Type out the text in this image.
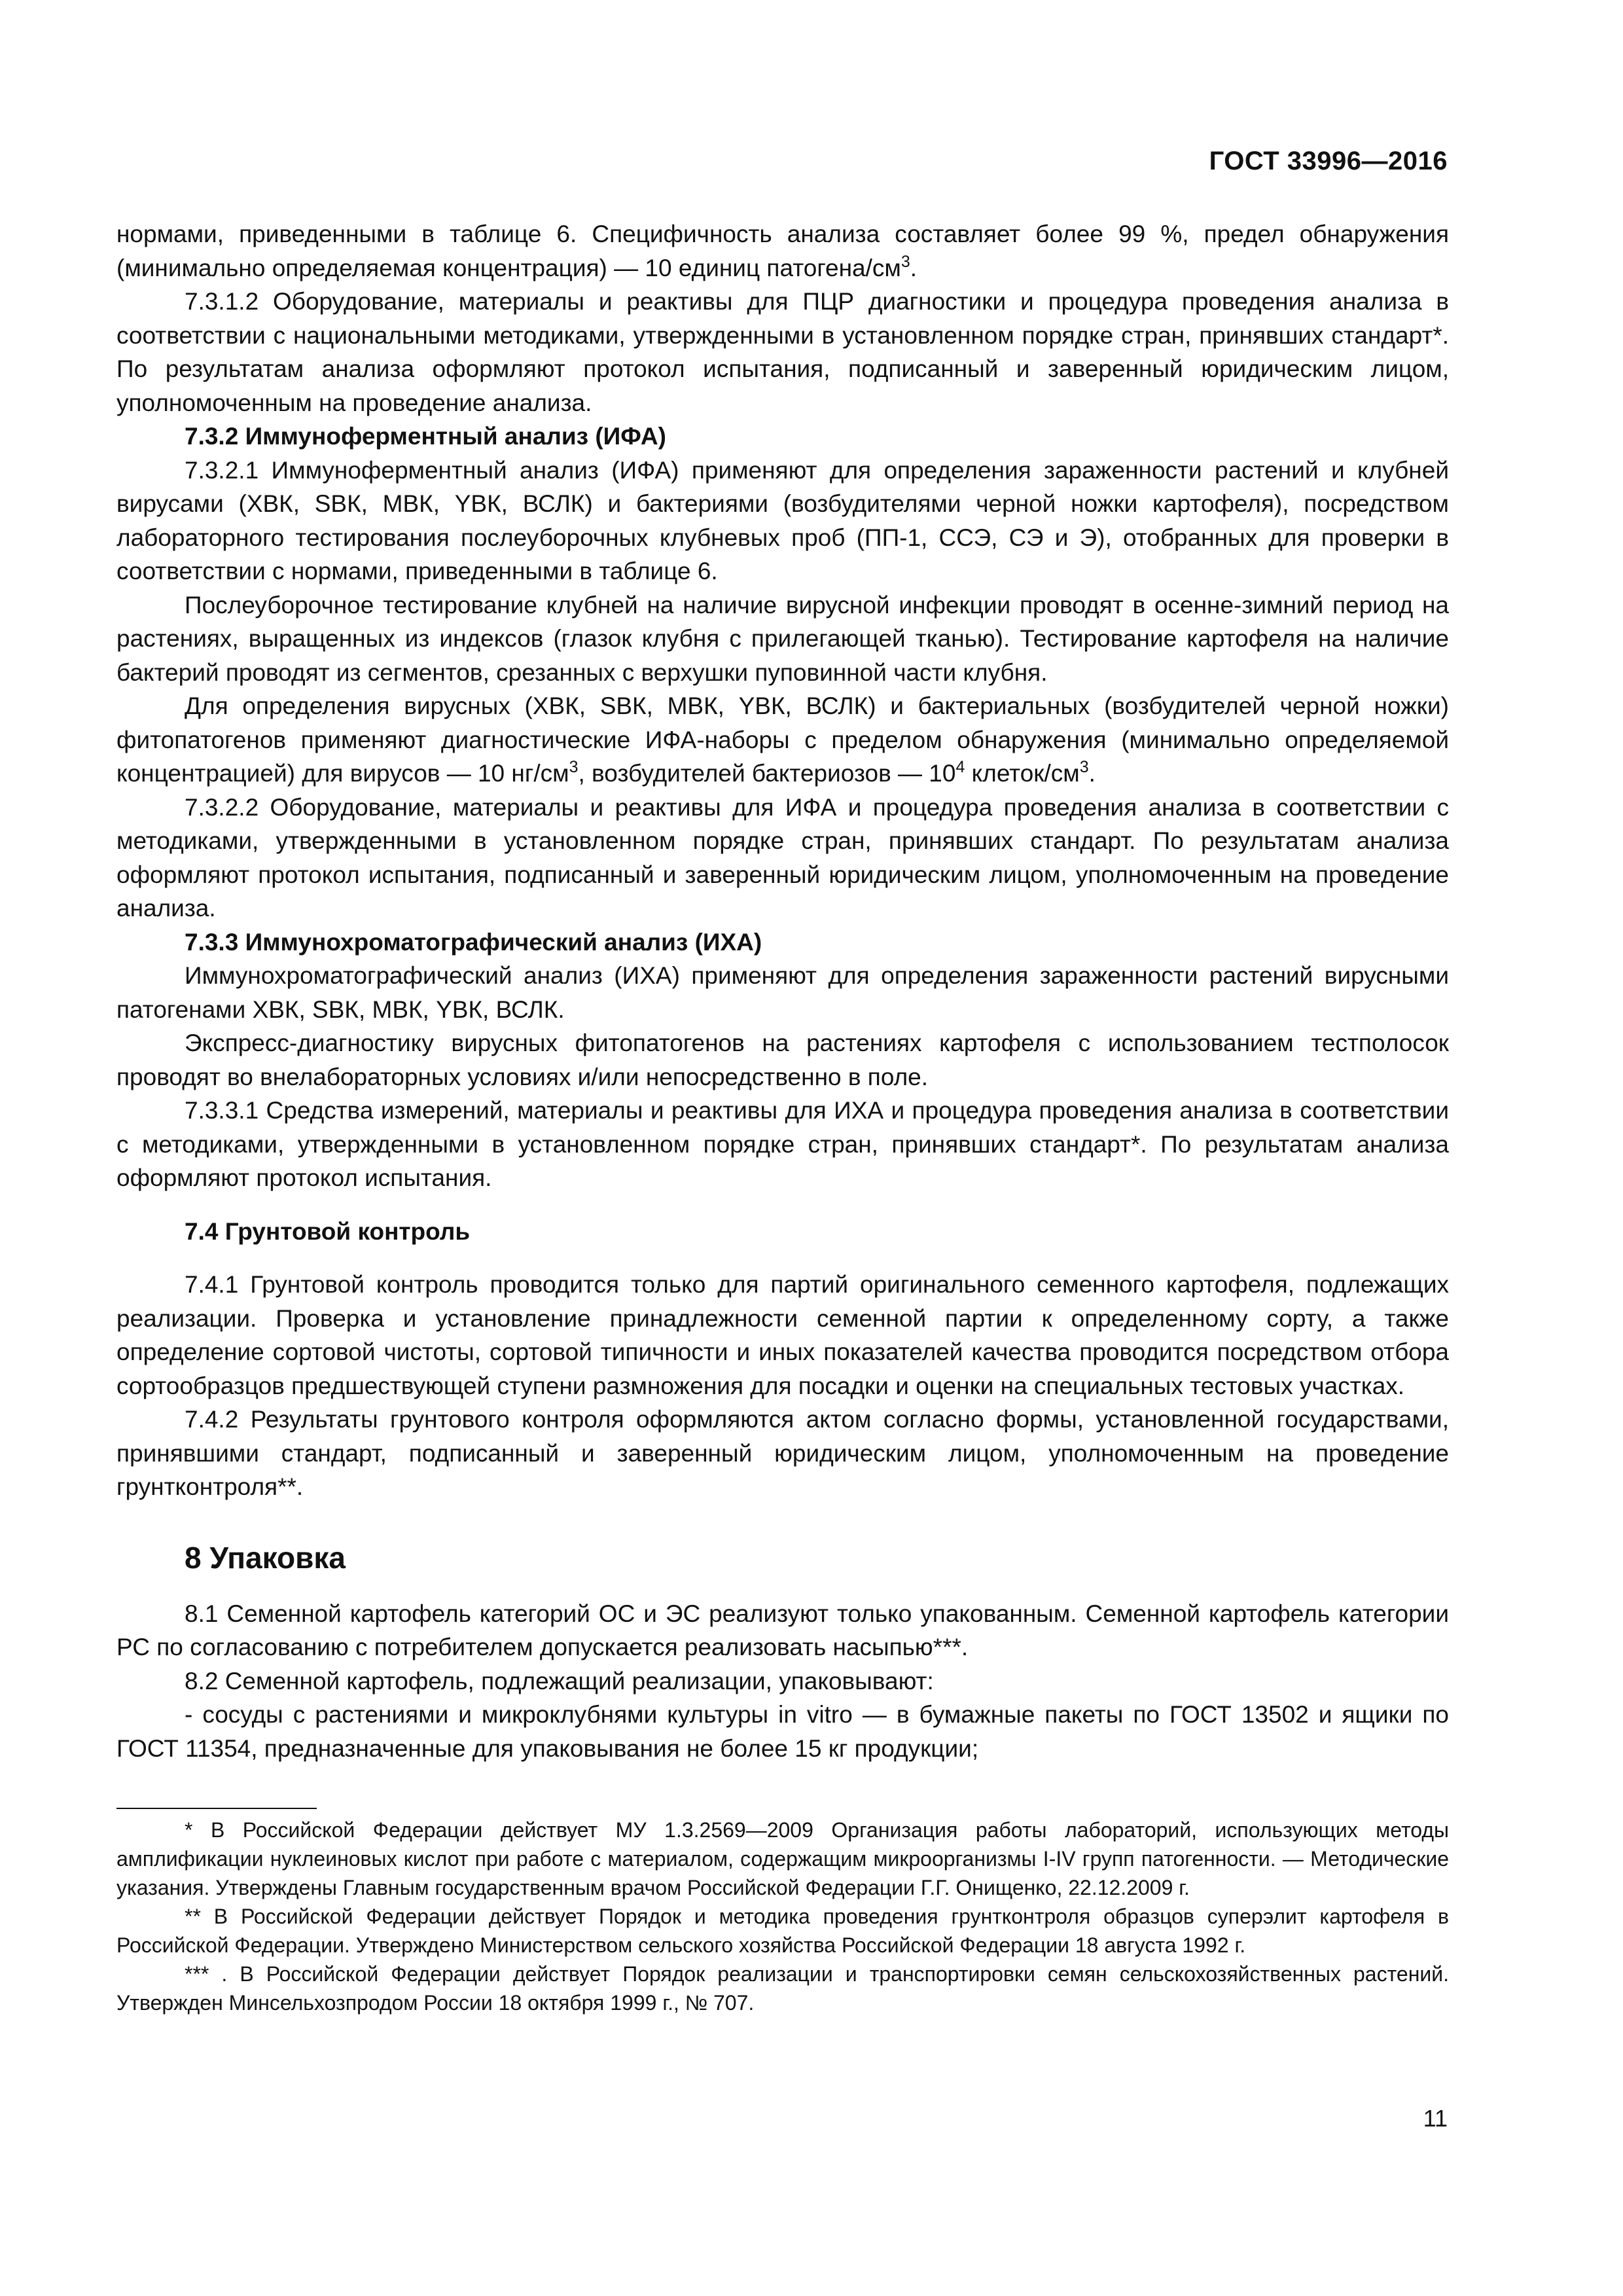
ГОСТ 33996—2016

нормами, приведенными в таблице 6. Специфичность анализа составляет более 99 %, предел обнаружения (минимально определяемая концентрация) — 10 единиц патогена/$см^3$.

7.3.1.2 Оборудование, материалы и реактивы для ПЦР диагностики и процедура проведения анализа в соответствии с национальными методиками, утвержденными в установленном порядке стран, принявших стандарт*. По результатам анализа оформляют протокол испытания, подписанный и заверенный юридическим лицом, уполномоченным на проведение анализа.

7.3.2 Иммуноферментный анализ (ИФА)

7.3.2.1 Иммуноферментный анализ (ИФА) применяют для определения зараженности растений и клубней вирусами (ХВК, SВК, МВК, YВК, ВСЛК) и бактериями (возбудителями черной ножки картофеля), посредством лабораторного тестирования послеуборочных клубневых проб (ПП-1, ССЭ, СЭ и Э), отобранных для проверки в соответствии с нормами, приведенными в таблице 6.

Послеуборочное тестирование клубней на наличие вирусной инфекции проводят в осенне-зимний период на растениях, выращенных из индексов (глазок клубня с прилегающей тканью). Тестирование картофеля на наличие бактерий проводят из сегментов, срезанных с верхушки пуповинной части клубня.

Для определения вирусных (ХВК, SВК, МВК, YВК, ВСЛК) и бактериальных (возбудителей черной ножки) фитопатогенов применяют диагностические ИФА-наборы с пределом обнаружения (минимально определяемой концентрацией) для вирусов — 10 $нг/см^3$, возбудителей бактериозов — $10^4$ клеток/$см^3$.

7.3.2.2 Оборудование, материалы и реактивы для ИФА и процедура проведения анализа в соответствии с методиками, утвержденными в установленном порядке стран, принявших стандарт. По результатам анализа оформляют протокол испытания, подписанный и заверенный юридическим лицом, уполномоченным на проведение анализа.

7.3.3 Иммунохроматографический анализ (ИХА)

Иммунохроматографический анализ (ИХА) применяют для определения зараженности растений вирусными патогенами ХВК, SВК, МВК, YВК, ВСЛК.

Экспресс-диагностику вирусных фитопатогенов на растениях картофеля с использованием тестполосок проводят во внелабораторных условиях и/или непосредственно в поле.

7.3.3.1 Средства измерений, материалы и реактивы для ИХА и процедура проведения анализа в соответствии с методиками, утвержденными в установленном порядке стран, принявших стандарт*. По результатам анализа оформляют протокол испытания.

7.4 Грунтовой контроль

7.4.1 Грунтовой контроль проводится только для партий оригинального семенного картофеля, подлежащих реализации. Проверка и установление принадлежности семенной партии к определенному сорту, а также определение сортовой чистоты, сортовой типичности и иных показателей качества проводится посредством отбора сортообразцов предшествующей ступени размножения для посадки и оценки на специальных тестовых участках.

7.4.2 Результаты грунтового контроля оформляются актом согласно формы, установленной государствами, принявшими стандарт, подписанный и заверенный юридическим лицом, уполномоченным на проведение грунтконтроля**.

8 Упаковка

8.1 Семенной картофель категорий ОС и ЭС реализуют только упакованным. Семенной картофель категории РС по согласованию с потребителем допускается реализовать насыпью***.

8.2 Семенной картофель, подлежащий реализации, упаковывают:

- сосуды с растениями и микроклубнями культуры in vitro — в бумажные пакеты по ГОСТ 13502 и ящики по ГОСТ 11354, предназначенные для упаковывания не более 15 кг продукции;

* В Российской Федерации действует МУ 1.3.2569—2009 Организация работы лабораторий, использующих методы амплификации нуклеиновых кислот при работе с материалом, содержащим микроорганизмы I-IV групп патогенности. — Методические указания. Утверждены Главным государственным врачом Российской Федерации Г.Г. Онищенко, 22.12.2009 г.

** В Российской Федерации действует Порядок и методика проведения грунтконтроля образцов суперэлит картофеля в Российской Федерации. Утверждено Министерством сельского хозяйства Российской Федерации 18 августа 1992 г.

*** . В Российской Федерации действует Порядок реализации и транспортировки семян сельскохозяйственных растений. Утвержден Минсельхозпродом России 18 октября 1999 г., № 707.

11
